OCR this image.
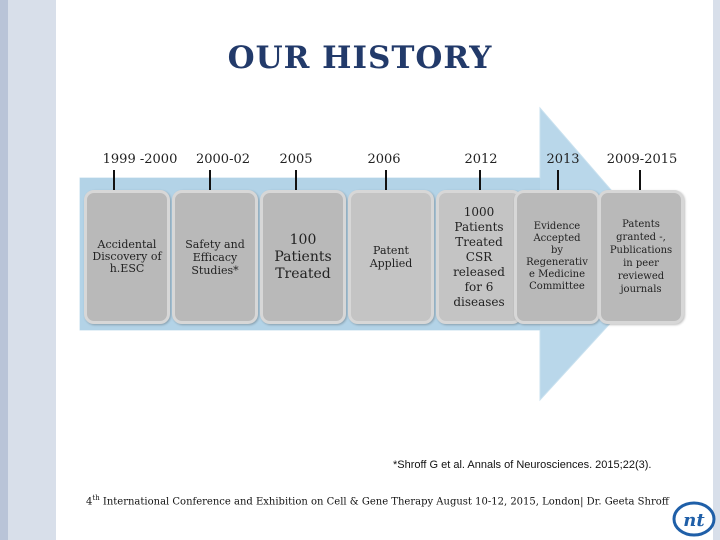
OUR HISTORY
1999 -2000	2000-02	2005	2006	2012	2013	2009-2015
Accidental
Discovery of
h.ESC
Safety and
Efficacy
Studies*
100
Patients
Treated
Patent
Applied
1000
Patients
Treated
CSR
released
for 6
diseases
Evidence
Accepted
by
Regenerativ
e Medicine
Committee
Patents
granted -,
Publications
in peer
reviewed
journals
*Shroff G et al. Annals of Neurosciences. 2015;22(3).
4th International Conference and Exhibition on Cell & Gene Therapy August 10-12, 2015, London| Dr. Geeta Shroff
nt
